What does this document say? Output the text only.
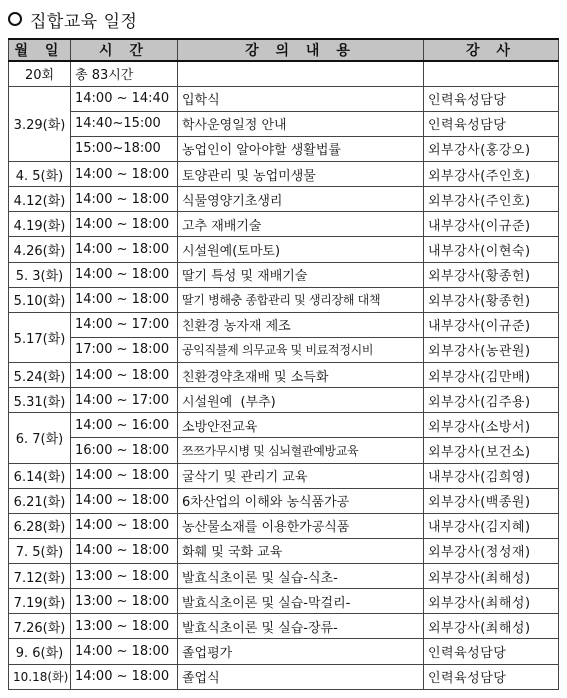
집합교육 일정
월 일	시 간	강 의 내 용	강 사
20회	총 83시간		
3.29(화)	14:00 ~ 14:40	입학식	인력육성담당
	14:40~15:00	학사운영일정 안내	인력육성담당
	15:00~18:00	농업인이 알아야할 생활법률	외부강사(홍강오)
4. 5(화)	14:00 ~ 18:00	토양관리 및 농업미생물	외부강사(주인호)
4.12(화)	14:00 ~ 18:00	식물영양기초생리	외부강사(주인호)
4.19(화)	14:00 ~ 18:00	고추 재배기술	내부강사(이규준)
4.26(화)	14:00 ~ 18:00	시설원예(토마토)	내부강사(이현숙)
5. 3(화)	14:00 ~ 18:00	딸기 특성 및 재배기술	외부강사(황종헌)
5.10(화)	14:00 ~ 18:00	딸기 병해충 종합관리 및 생리장해 대책	외부강사(황종헌)
5.17(화)	14:00 ~ 17:00	친환경 농자재 제조	내부강사(이규준)
	17:00 ~ 18:00	공익직불제 의무교육 및 비료적정시비	외부강사(농관원)
5.24(화)	14:00 ~ 18:00	친환경약초재배 및 소득화	외부강사(김만배)
5.31(화)	14:00 ~ 17:00	시설원예  (부추)	외부강사(김주용)
6. 7(화)	14:00 ~ 16:00	소방안전교육	외부강사(소방서)
	16:00 ~ 18:00	쯔쯔가무시병 및 심뇌혈관예방교육	외부강사(보건소)
6.14(화)	14:00 ~ 18:00	굴삭기 및 관리기 교육	내부강사(김희영)
6.21(화)	14:00 ~ 18:00	6차산업의 이해와 농식품가공	외부강사(백종원)
6.28(화)	14:00 ~ 18:00	농산물소재를 이용한가공식품	내부강사(김지혜)
7. 5(화)	14:00 ~ 18:00	화훼 및 국화 교육	외부강사(정성재)
7.12(화)	13:00 ~ 18:00	발효식초이론 및 실습-식초-	외부강사(최해성)
7.19(화)	13:00 ~ 18:00	발효식초이론 및 실습-막걸리-	외부강사(최해성)
7.26(화)	13:00 ~ 18:00	발효식초이론 및 실습-장류-	외부강사(최해성)
9. 6(화)	14:00 ~ 18:00	졸업평가	인력육성담당
10.18(화)	14:00 ~ 18:00	졸업식	인력육성담당
